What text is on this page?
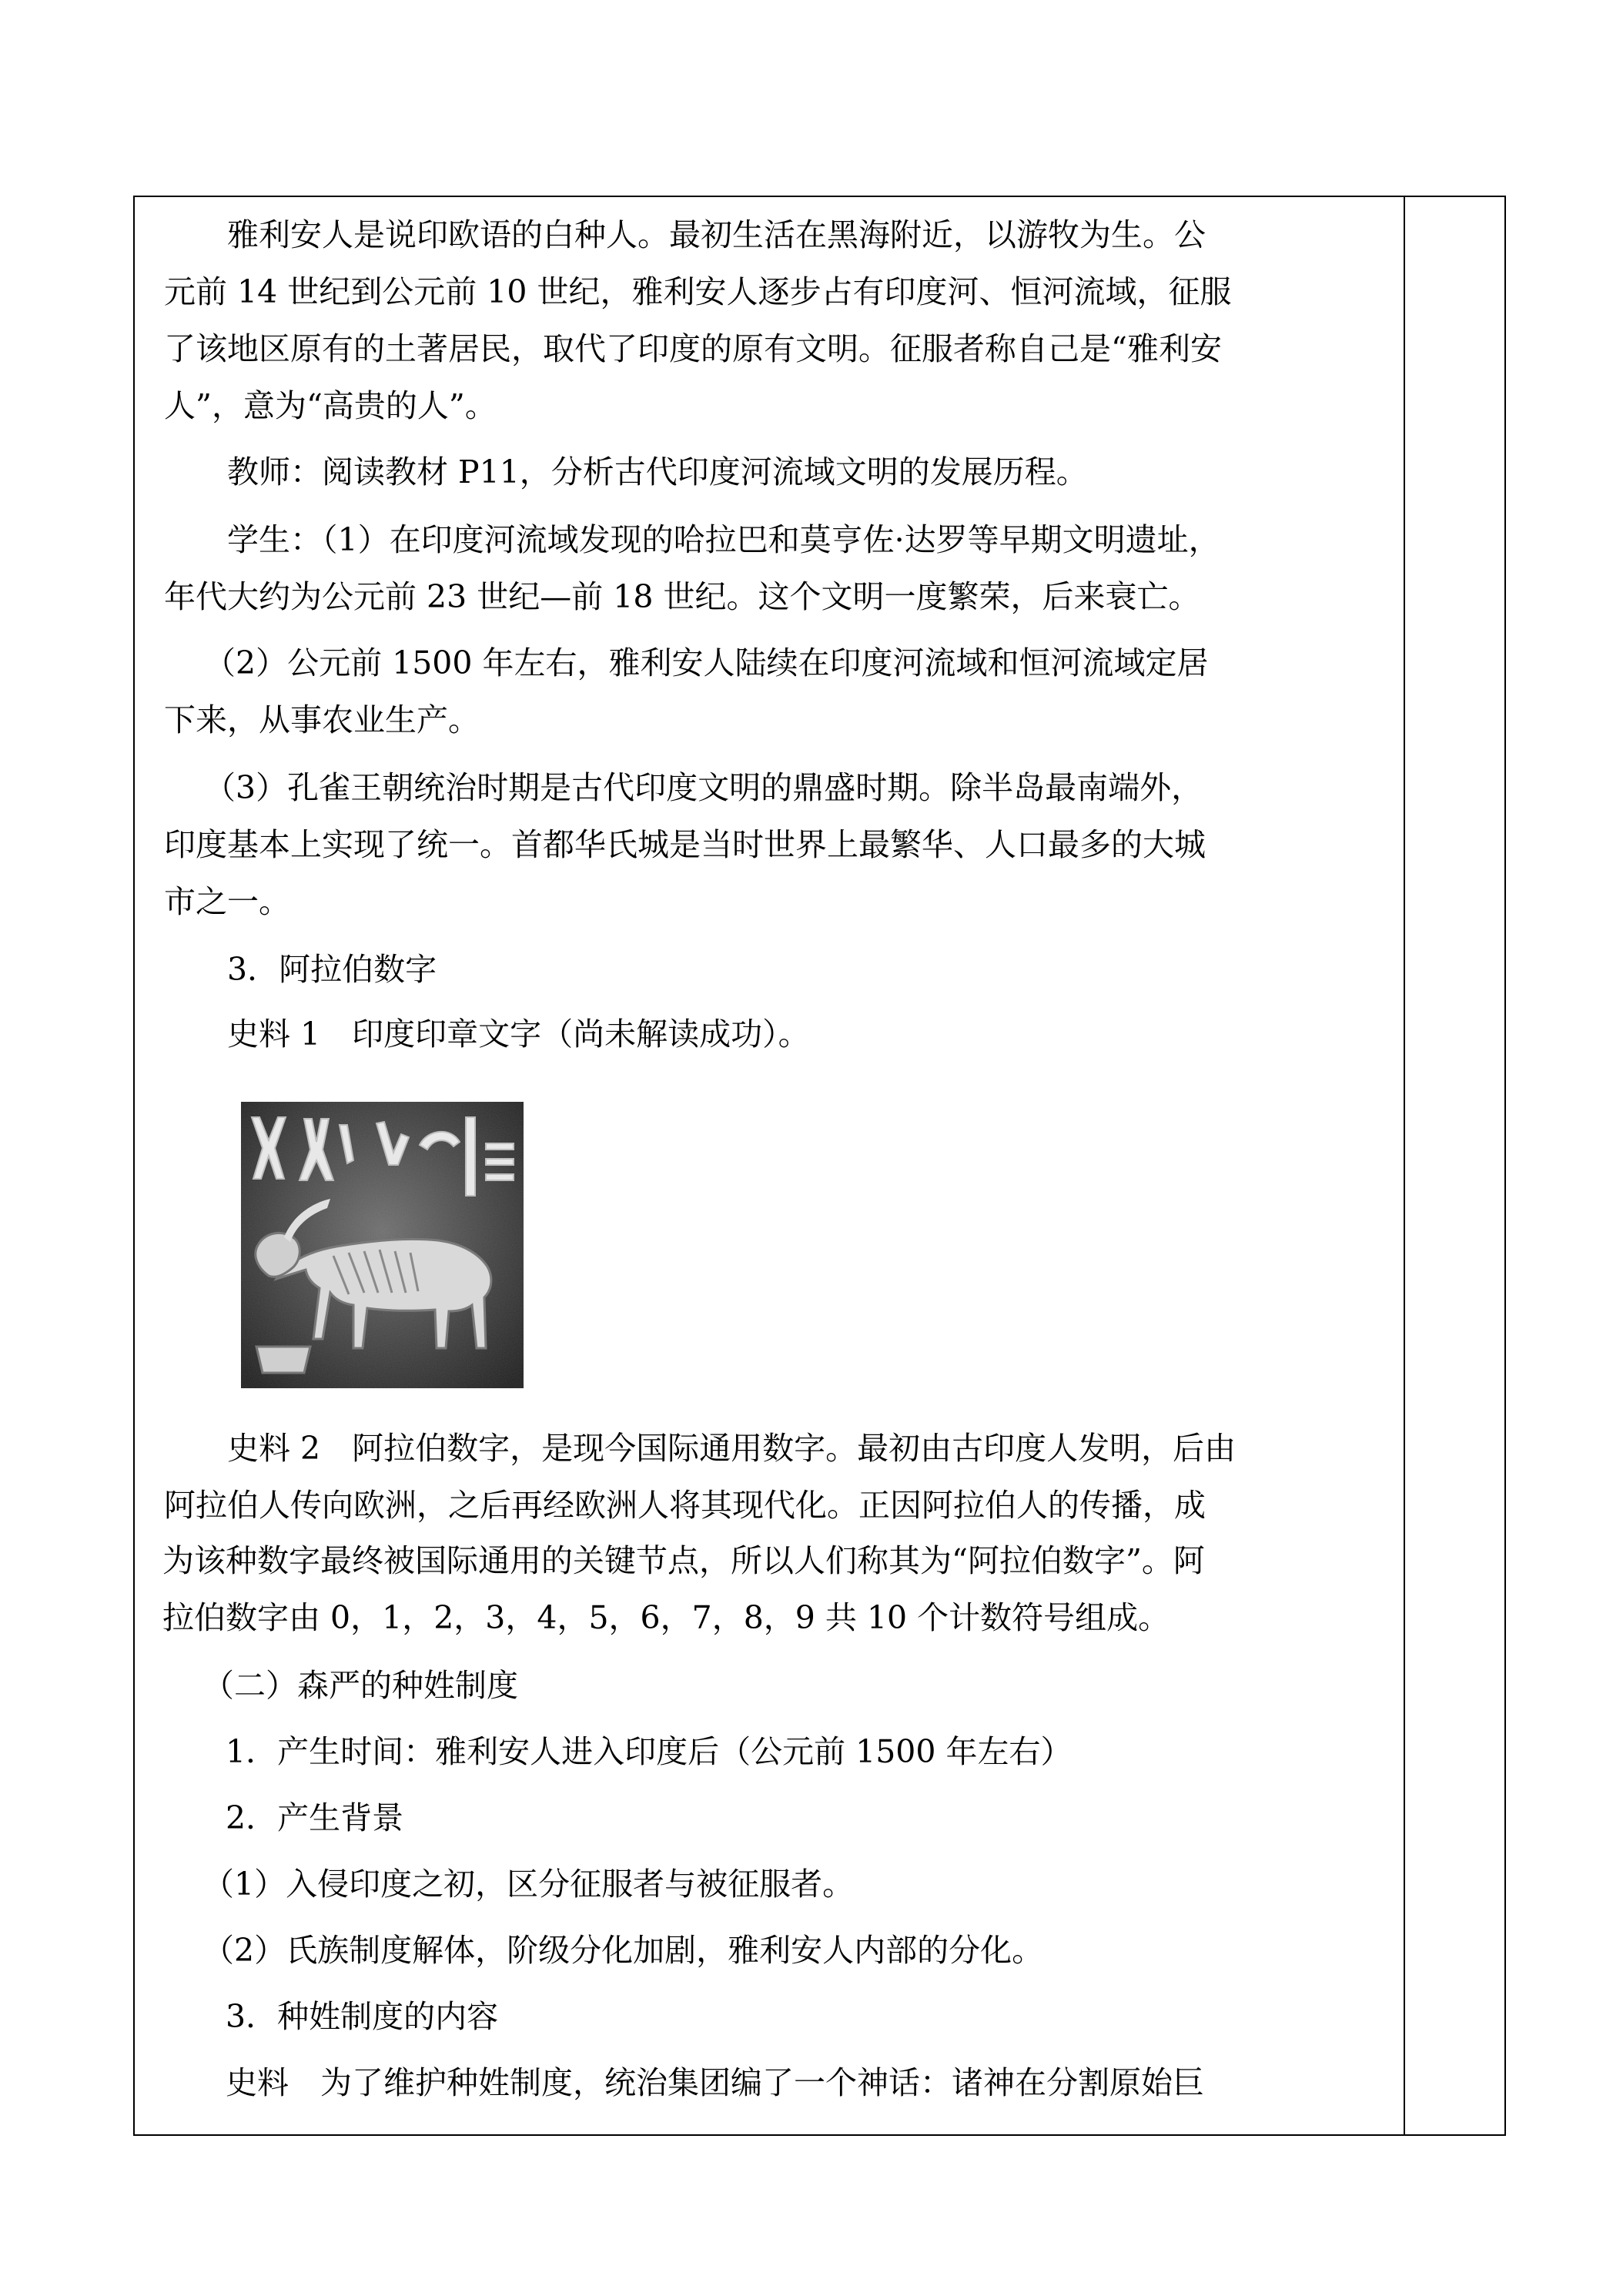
雅利安人是说印欧语的白种人。最初生活在黑海附近，以游牧为生。公

元前 14 世纪到公元前 10 世纪，雅利安人逐步占有印度河、恒河流域，征服

了该地区原有的土著居民，取代了印度的原有文明。征服者称自己是“雅利安

人”，意为“高贵的人”。

教师：阅读教材 P11，分析古代印度河流域文明的发展历程。

学生：（1）在印度河流域发现的哈拉巴和莫亨佐·达罗等早期文明遗址，

年代大约为公元前 23 世纪—前 18 世纪。这个文明一度繁荣，后来衰亡。

（2）公元前 1500 年左右，雅利安人陆续在印度河流域和恒河流域定居

下来，从事农业生产。

（3）孔雀王朝统治时期是古代印度文明的鼎盛时期。除半岛最南端外，

印度基本上实现了统一。首都华氏城是当时世界上最繁华、人口最多的大城

市之一。

3．阿拉伯数字

史料 1　印度印章文字（尚未解读成功）。

史料 2　阿拉伯数字，是现今国际通用数字。最初由古印度人发明，后由

阿拉伯人传向欧洲，之后再经欧洲人将其现代化。正因阿拉伯人的传播，成

为该种数字最终被国际通用的关键节点，所以人们称其为“阿拉伯数字”。阿

拉伯数字由 0，1，2，3，4，5，6，7，8，9 共 10 个计数符号组成。

（二）森严的种姓制度

1．产生时间：雅利安人进入印度后（公元前 1500 年左右）

2．产生背景

（1）入侵印度之初，区分征服者与被征服者。

（2）氏族制度解体，阶级分化加剧，雅利安人内部的分化。

3．种姓制度的内容

史料　为了维护种姓制度，统治集团编了一个神话：诸神在分割原始巨
